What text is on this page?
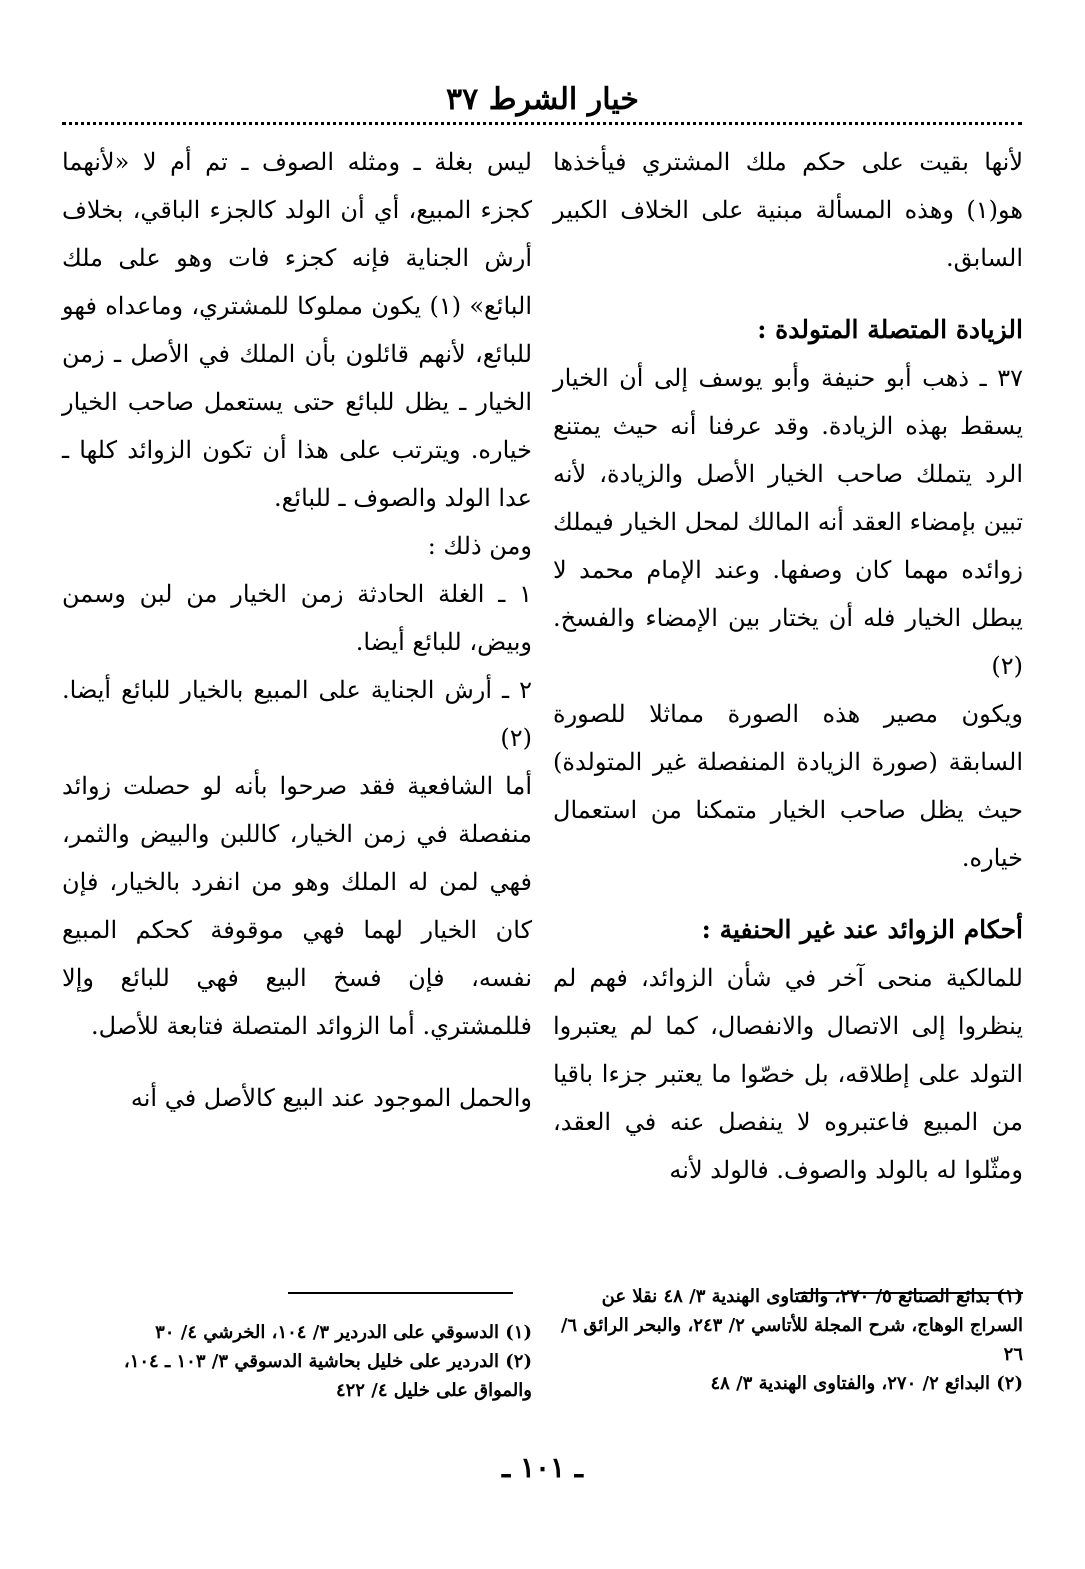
خيار الشرط ٣٧

لأنها بقيت على حكم ملك المشتري فيأخذها هو(١) وهذه المسألة مبنية على الخلاف الكبير السابق.

الزيادة المتصلة المتولدة :

٣٧ ـ ذهب أبو حنيفة وأبو يوسف إلى أن الخيار يسقط بهذه الزيادة. وقد عرفنا أنه حيث يمتنع الرد يتملك صاحب الخيار الأصل والزيادة، لأنه تبين بإمضاء العقد أنه المالك لمحل الخيار فيملك زوائده مهما كان وصفها. وعند الإمام محمد لا يبطل الخيار فله أن يختار بين الإمضاء والفسخ. (٢)

ويكون مصير هذه الصورة مماثلا للصورة السابقة (صورة الزيادة المنفصلة غير المتولدة) حيث يظل صاحب الخيار متمكنا من استعمال خياره.

أحكام الزوائد عند غير الحنفية :

للمالكية منحى آخر في شأن الزوائد، فهم لم ينظروا إلى الاتصال والانفصال، كما لم يعتبروا التولد على إطلاقه، بل خصّوا ما يعتبر جزءا باقيا من المبيع فاعتبروه لا ينفصل عنه في العقد، ومثّلوا له بالولد والصوف. فالولد لأنه

ليس بغلة ـ ومثله الصوف ـ تم أم لا «لأنهما كجزء المبيع، أي أن الولد كالجزء الباقي، بخلاف أرش الجناية فإنه كجزء فات وهو على ملك البائع» (١) يكون مملوكا للمشتري، وماعداه فهو للبائع، لأنهم قائلون بأن الملك في الأصل ـ زمن الخيار ـ يظل للبائع حتى يستعمل صاحب الخيار خياره. ويترتب على هذا أن تكون الزوائد كلها ـ عدا الولد والصوف ـ للبائع.

ومن ذلك :

١ ـ الغلة الحادثة زمن الخيار من لبن وسمن وبيض، للبائع أيضا.

٢ ـ أرش الجناية على المبيع بالخيار للبائع أيضا. (٢)

أما الشافعية فقد صرحوا بأنه لو حصلت زوائد منفصلة في زمن الخيار، كاللبن والبيض والثمر، فهي لمن له الملك وهو من انفرد بالخيار، فإن كان الخيار لهما فهي موقوفة كحكم المبيع نفسه، فإن فسخ البيع فهي للبائع وإلا فللمشتري. أما الزوائد المتصلة فتابعة للأصل.

والحمل الموجود عند البيع كالأصل في أنه

(١) بدائع الصنائع ٥/ ٢٧٠، والفتاوى الهندية ٣/ ٤٨ نقلا عن السراج الوهاج، شرح المجلة للأتاسي ٢/ ٢٤٣، والبحر الرائق ٦/ ٢٦

(٢) البدائع ٢/ ٢٧٠، والفتاوى الهندية ٣/ ٤٨

(١) الدسوقي على الدردير ٣/ ١٠٤، الخرشي ٤/ ٣٠

(٢) الدردير على خليل بحاشية الدسوقي ٣/ ١٠٣ ـ ١٠٤، والمواق على خليل ٤/ ٤٢٢

ـ ١٠١ ـ
